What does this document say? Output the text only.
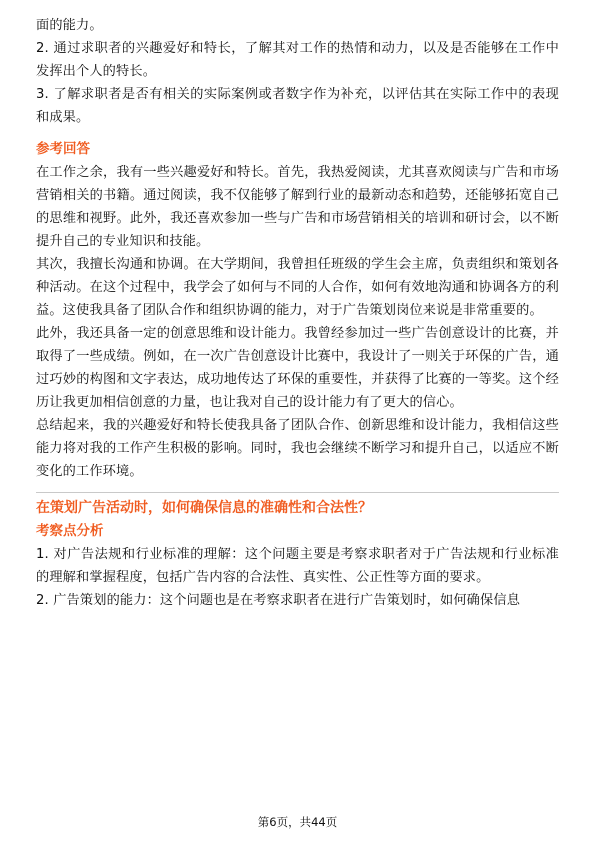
面的能力。

2. 通过求职者的兴趣爱好和特长，了解其对工作的热情和动力，以及是否能够在工作中发挥出个人的特长。

3. 了解求职者是否有相关的实际案例或者数字作为补充，以评估其在实际工作中的表现和成果。

参考回答

在工作之余，我有一些兴趣爱好和特长。首先，我热爱阅读，尤其喜欢阅读与广告和市场营销相关的书籍。通过阅读，我不仅能够了解到行业的最新动态和趋势，还能够拓宽自己的思维和视野。此外，我还喜欢参加一些与广告和市场营销相关的培训和研讨会，以不断提升自己的专业知识和技能。

其次，我擅长沟通和协调。在大学期间，我曾担任班级的学生会主席，负责组织和策划各种活动。在这个过程中，我学会了如何与不同的人合作，如何有效地沟通和协调各方的利益。这使我具备了团队合作和组织协调的能力，对于广告策划岗位来说是非常重要的。

此外，我还具备一定的创意思维和设计能力。我曾经参加过一些广告创意设计的比赛，并取得了一些成绩。例如，在一次广告创意设计比赛中，我设计了一则关于环保的广告，通过巧妙的构图和文字表达，成功地传达了环保的重要性，并获得了比赛的一等奖。这个经历让我更加相信创意的力量，也让我对自己的设计能力有了更大的信心。

总结起来，我的兴趣爱好和特长使我具备了团队合作、创新思维和设计能力，我相信这些能力将对我的工作产生积极的影响。同时，我也会继续不断学习和提升自己，以适应不断变化的工作环境。

在策划广告活动时，如何确保信息的准确性和合法性？
考察点分析

1. 对广告法规和行业标准的理解：这个问题主要是考察求职者对于广告法规和行业标准的理解和掌握程度，包括广告内容的合法性、真实性、公正性等方面的要求。

2. 广告策划的能力：这个问题也是在考察求职者在进行广告策划时，如何确保信息

第6页，共44页
